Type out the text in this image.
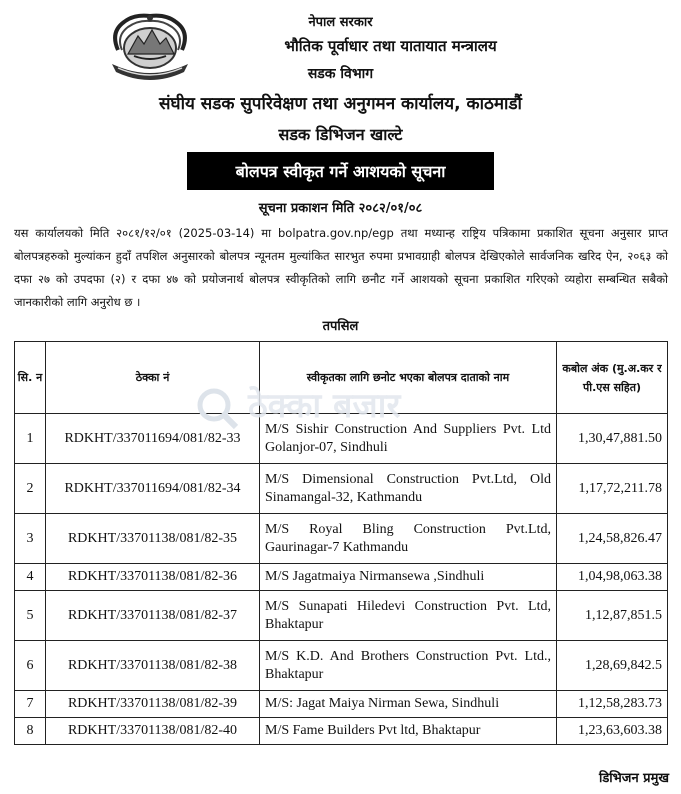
नेपाल सरकार
भौतिक पूर्वाधार तथा यातायात मन्त्रालय
सडक विभाग
संघीय सडक सुपरिवेक्षण तथा अनुगमन कार्यालय, काठमाडौं
सडक डिभिजन खाल्टे
बोलपत्र स्वीकृत गर्ने आशयको सूचना
सूचना प्रकाशन मिति २०८२/०१/०८

यस कार्यालयको मिति २०८१/१२/०१ (2025-03-14) मा bolpatra.gov.np/egp तथा मध्यान्ह राष्ट्रिय पत्रिकामा प्रकाशित सूचना अनुसार प्राप्त बोलपत्रहरुको मुल्यांकन हुदाँ तपशिल अनुसारको बोलपत्र न्यूनतम मुल्यांकित सारभुत रुपमा प्रभावग्राही बोलपत्र देखिएकोले सार्वजनिक खरिद ऐन, २०६३ को दफा २७ को उपदफा (२) र दफा ४७ को प्रयोजनार्थ बोलपत्र स्वीकृतिको लागि छनौट गर्ने आशयको सूचना प्रकाशित गरिएको व्यहोरा सम्बन्धित सबैको जानकारीको लागि अनुरोध छ ।

तपसिल
सि. न	ठेक्का नं	स्वीकृतका लागि छनोट भएका बोलपत्र दाताको नाम	कबोल अंक (मु.अ.कर र पी.एस सहित)
1	RDKHT/337011694/081/82-33	M/S Sishir Construction And Suppliers Pvt. Ltd Golanjor-07, Sindhuli	1,30,47,881.50
2	RDKHT/337011694/081/82-34	M/S Dimensional Construction Pvt.Ltd, Old Sinamangal-32, Kathmandu	1,17,72,211.78
3	RDKHT/33701138/081/82-35	M/S Royal Bling Construction Pvt.Ltd, Gaurinagar-7 Kathmandu	1,24,58,826.47
4	RDKHT/33701138/081/82-36	M/S Jagatmaiya Nirmansewa ,Sindhuli	1,04,98,063.38
5	RDKHT/33701138/081/82-37	M/S Sunapati Hiledevi Construction Pvt. Ltd, Bhaktapur	1,12,87,851.5
6	RDKHT/33701138/081/82-38	M/S K.D. And Brothers Construction Pvt. Ltd., Bhaktapur	1,28,69,842.5
7	RDKHT/33701138/081/82-39	M/S: Jagat Maiya Nirman Sewa, Sindhuli	1,12,58,283.73
8	RDKHT/33701138/081/82-40	M/S Fame Builders Pvt ltd, Bhaktapur	1,23,63,603.38
ठेक्का बजार
डिभिजन प्रमुख
